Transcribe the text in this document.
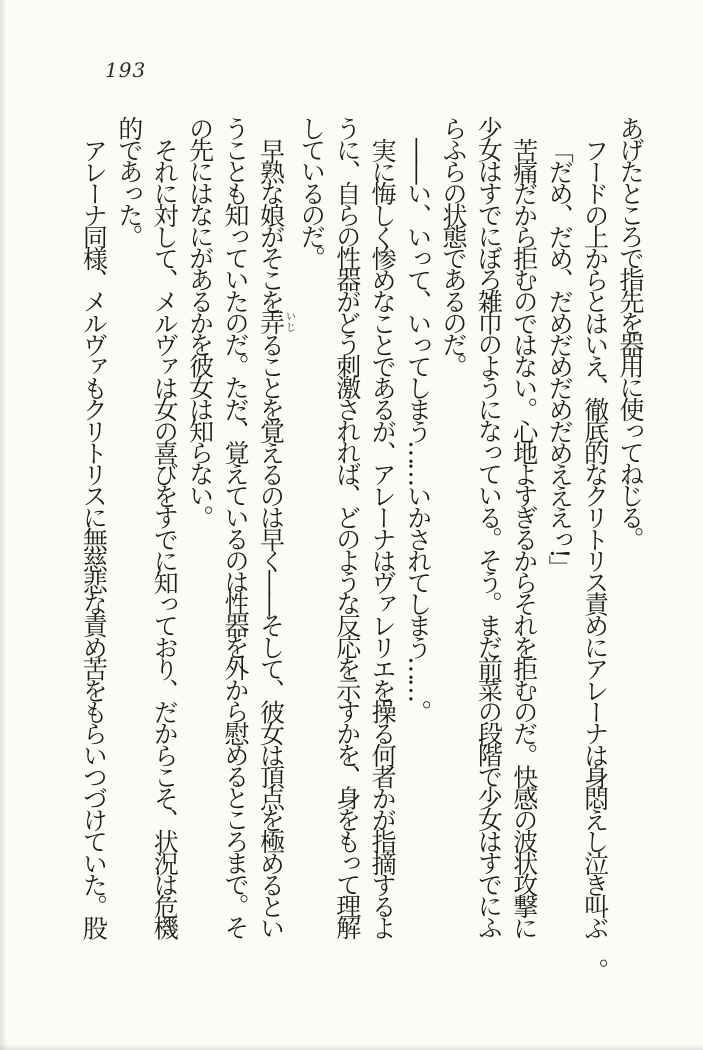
193

あげたところで指先を器用に使ってねじる。

フードの上からとはいえ、徹底的なクリトリス責めにアレーナは身悶えし泣き叫ぶ。

「だめ、だめ、だめだめだめだめえええっ!」

苦痛だから拒むのではない。心地よすぎるからそれを拒むのだ。快感の波状攻撃に少女はすでにぼろ雑巾のようになっている。そう。まだ前菜の段階で少女はすでにふらふらの状態であるのだ。

――い、いって、いってしまう……いかされてしまう……。

実に悔しく惨めなことであるが、アレーナはヴァレリエを操る何者かが指摘するように、自らの性器がどう刺激されれば、どのような反応を示すかを、身をもって理解しているのだ。

早熟な娘がそこを弄いじることを覚えるのは早く――そして、彼女は頂点を極めるということも知っていたのだ。ただ、覚えているのは性器を外から慰めるところまで。その先にはなにがあるかを彼女は知らない。

それに対して、メルヴァは女の喜びをすでに知っており、だからこそ、状況は危機的であった。

アレーナ同様、メルヴァもクリトリスに無慈悲な責め苦をもらいつづけていた。股
